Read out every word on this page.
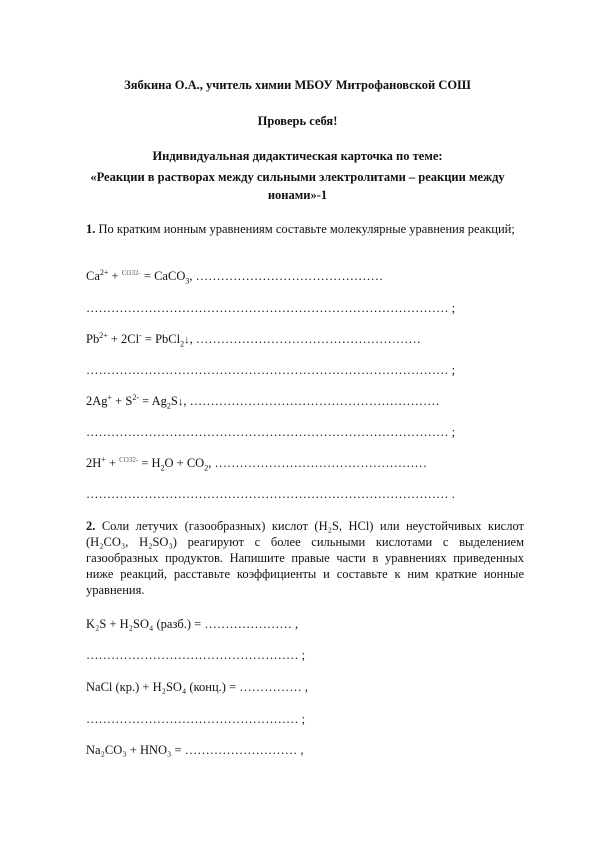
Зябкина О.А., учитель химии МБОУ Митрофановской СОШ
Проверь себя!
Индивидуальная дидактическая карточка по теме:
«Реакции в растворах между сильными электролитами – реакции между
ионами»-1
1. По кратким ионным уравнениям составьте молекулярные уравнения реакций;
$Ca^{2+} + ^{CO32-}$ = CaCO$_3$, ………………………………………
…………………………………………………………………………… ;
$Pb^{2+} + 2Cl^-$ = PbCl$_2$↓, ………………………………………………
…………………………………………………………………………… ;
$2Ag^+ + S^{2-}$ = $Ag_2S↓$, ……………………………………………………
…………………………………………………………………………… ;
$2H^+ + ^{CO32-} = H_2O + CO_2$, ……………………………………………
…………………………………………………………………………… .
2. Соли летучих (газообразных) кислот (H₂S, HCl) или неустойчивых кислот (H₂CO₃, H₂SO₃) реагируют с более сильными кислотами с выделением газообразных продуктов. Напишите правые части в уравнениях приведенных ниже реакций, расставьте коэффициенты и составьте к ним краткие ионные уравнения.
K₂S + H₂SO₄ (разб.) = ………………… ,
…………………………………………… ;
NaCl (кр.) + H₂SO₄ (конц.) = …………… ,
…………………………………………… ;
Na₂CO₃ + HNO₃ = ……………………… ,
